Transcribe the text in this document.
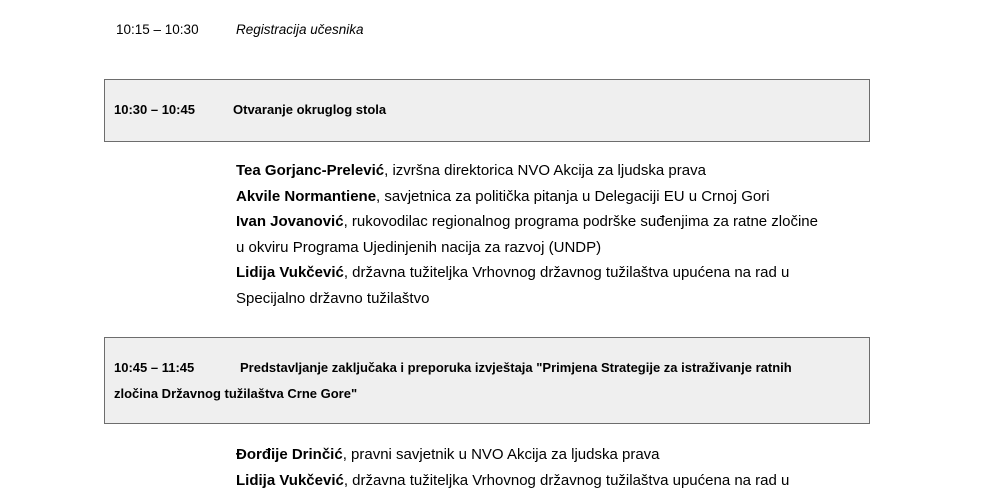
10:15 – 10:30	Registracija učesnika
10:30 – 10:45	Otvaranje okruglog stola

Tea Gorjanc-Prelević, izvršna direktorica NVO Akcija za ljudska prava

Akvile Normantiene, savjetnica za politička pitanja u Delegaciji EU u Crnoj Gori

Ivan Jovanović, rukovodilac regionalnog programa podrške suđenjima za ratne zločine

u okviru Programa Ujedinjenih nacija za razvoj (UNDP)

Lidija Vukčević, državna tužiteljka Vrhovnog državnog tužilaštva upućena na rad u

Specijalno državno tužilaštvo

10:45 – 11:45	Predstavljanje zaključaka i preporuka izvještaja "Primjena Strategije za istraživanje ratnih
zločina Državnog tužilaštva Crne Gore"

Đorđije Drinčić, pravni savjetnik u NVO Akcija za ljudska prava

Lidija Vukčević, državna tužiteljka Vrhovnog državnog tužilaštva upućena na rad u
